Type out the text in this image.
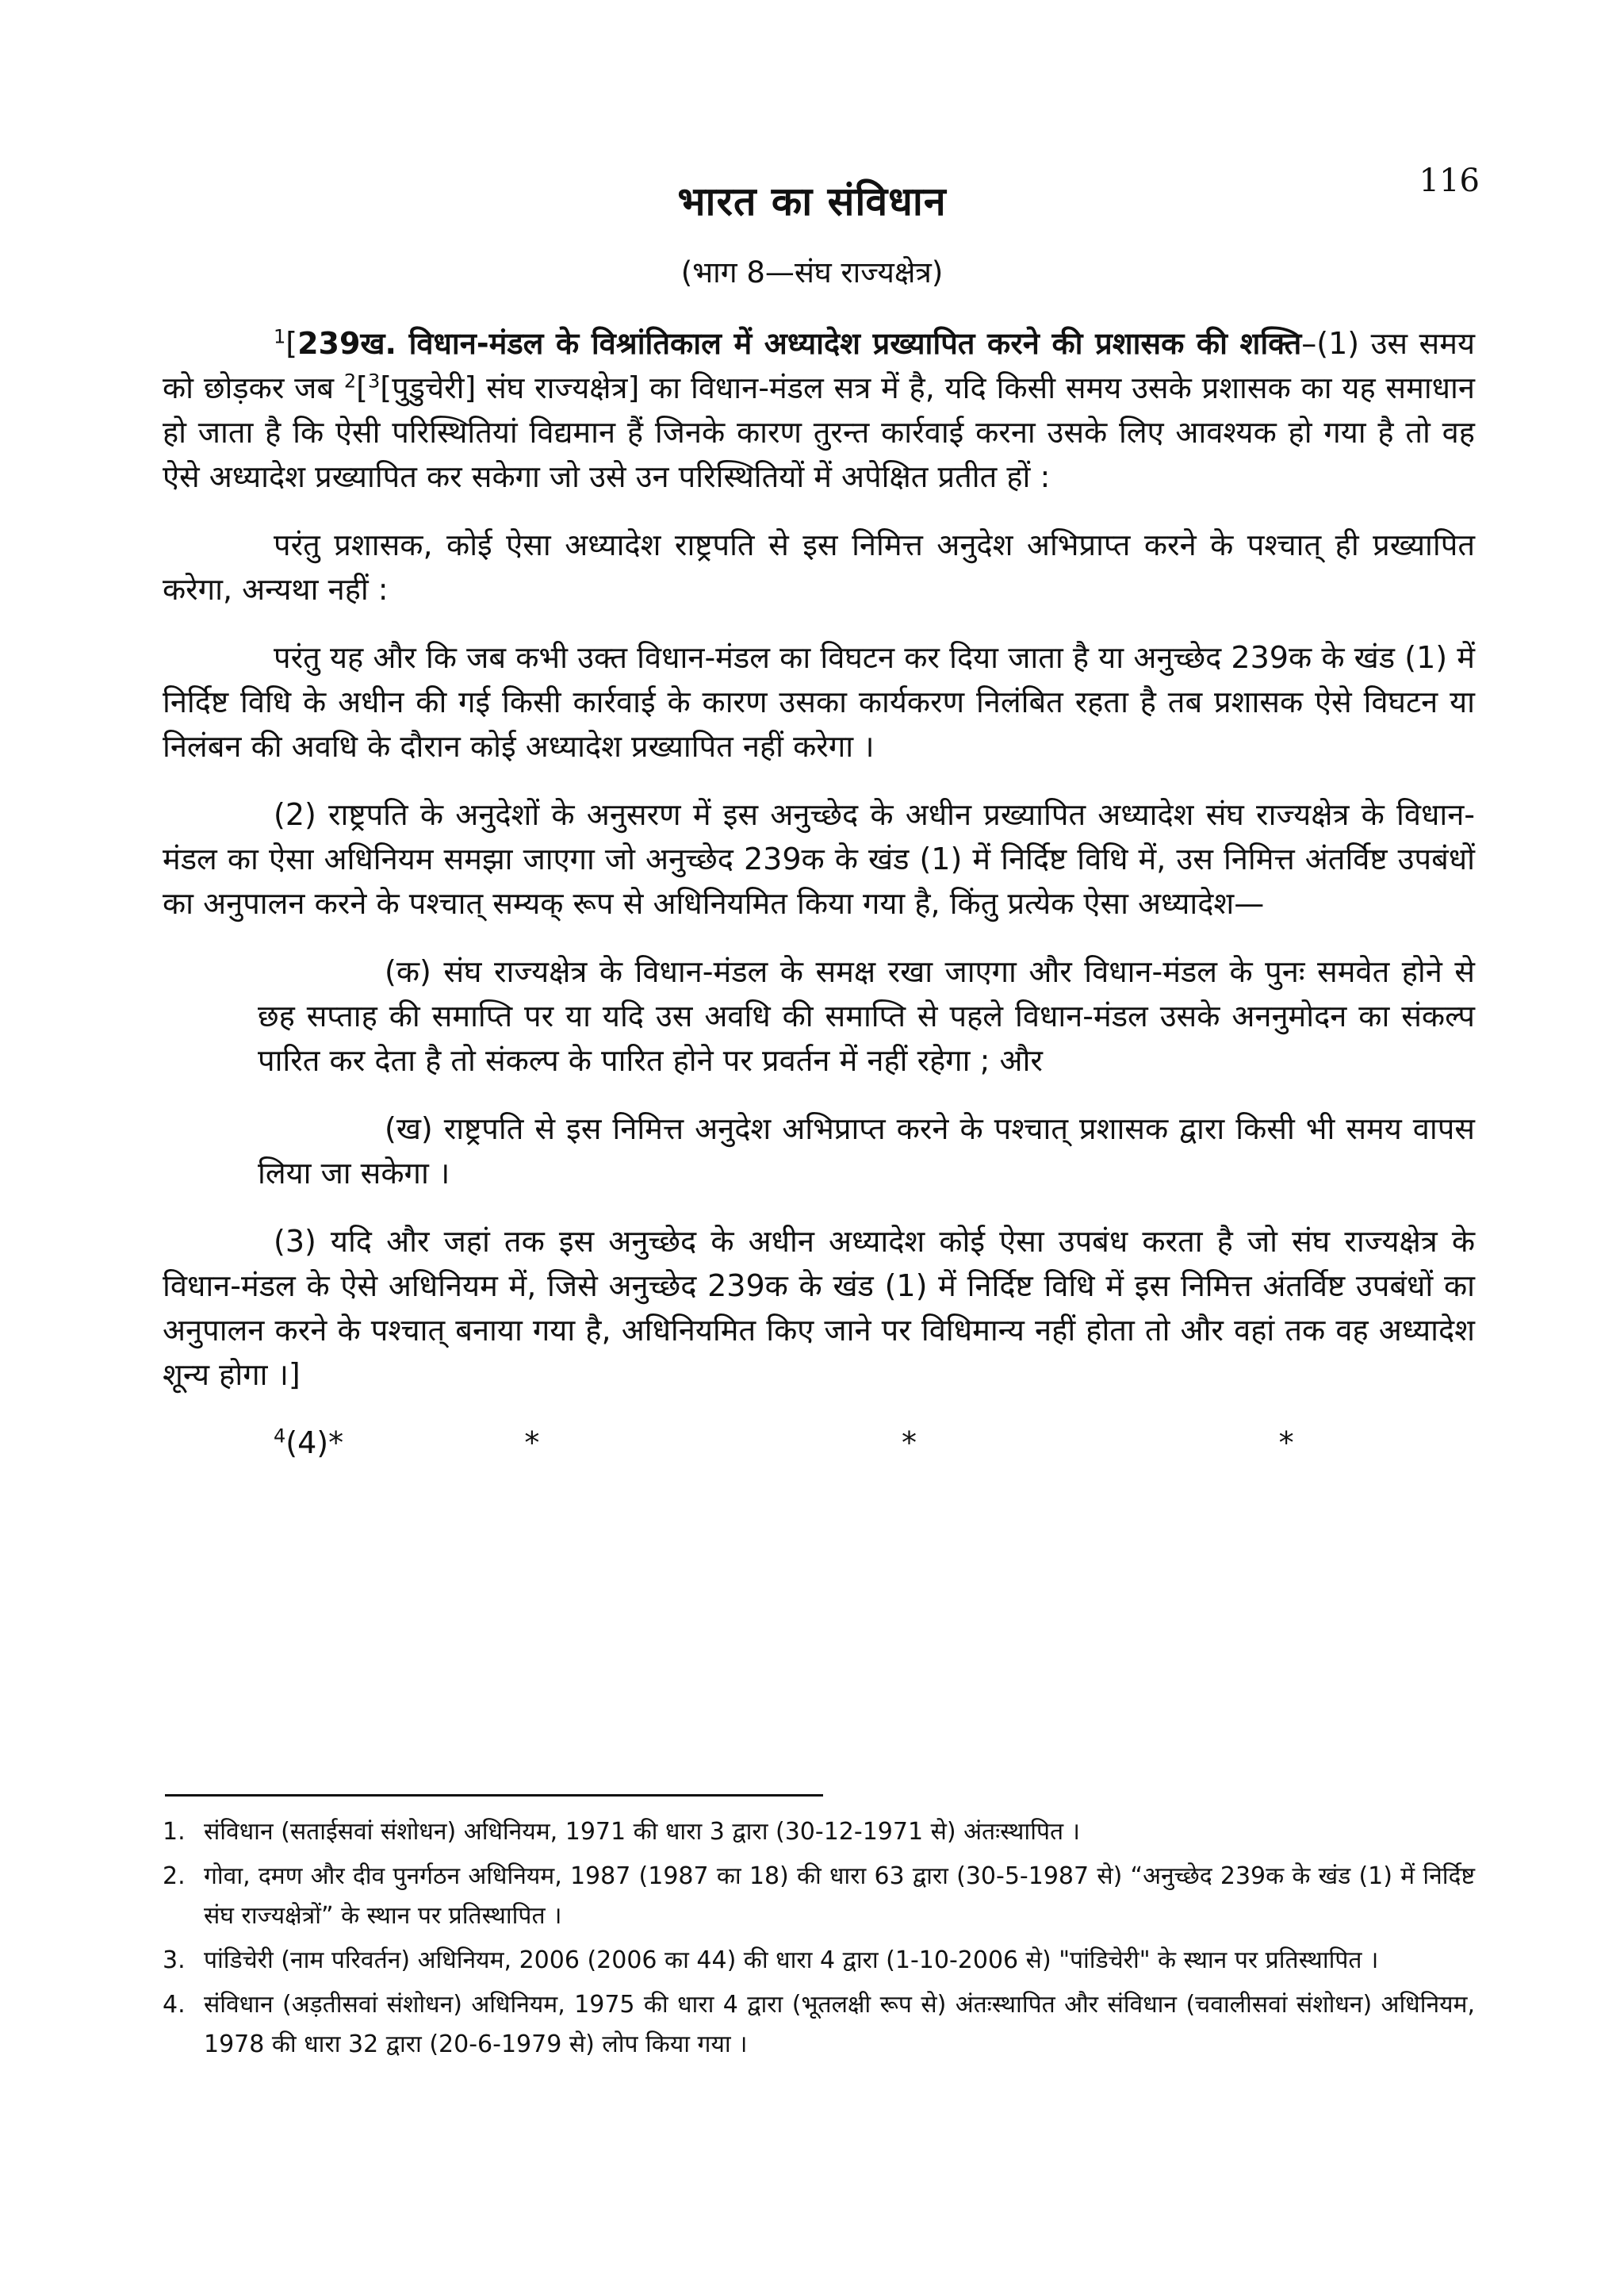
116
भारत का संविधान
(भाग 8—संघ राज्यक्षेत्र)

$^1$[239ख. विधान-मंडल के विश्रांतिकाल में अध्यादेश प्रख्यापित करने की प्रशासक की शक्ति–(1) उस समय को छोड़कर जब $^2$[$^3$[पुडुचेरी] संघ राज्यक्षेत्र] का विधान-मंडल सत्र में है, यदि किसी समय उसके प्रशासक का यह समाधान हो जाता है कि ऐसी परिस्थितियां विद्यमान हैं जिनके कारण तुरन्त कार्रवाई करना उसके लिए आवश्यक हो गया है तो वह ऐसे अध्यादेश प्रख्यापित कर सकेगा जो उसे उन परिस्थितियों में अपेक्षित प्रतीत हों :

परंतु प्रशासक, कोई ऐसा अध्यादेश राष्ट्रपति से इस निमित्त अनुदेश अभिप्राप्त करने के पश्चात् ही प्रख्यापित करेगा, अन्यथा नहीं :

परंतु यह और कि जब कभी उक्त विधान-मंडल का विघटन कर दिया जाता है या अनुच्छेद 239क के खंड (1) में निर्दिष्ट विधि के अधीन की गई किसी कार्रवाई के कारण उसका कार्यकरण निलंबित रहता है तब प्रशासक ऐसे विघटन या निलंबन की अवधि के दौरान कोई अध्यादेश प्रख्यापित नहीं करेगा ।

(2) राष्ट्रपति के अनुदेशों के अनुसरण में इस अनुच्छेद के अधीन प्रख्यापित अध्यादेश संघ राज्यक्षेत्र के विधान-मंडल का ऐसा अधिनियम समझा जाएगा जो अनुच्छेद 239क के खंड (1) में निर्दिष्ट विधि में, उस निमित्त अंतर्विष्ट उपबंधों का अनुपालन करने के पश्चात् सम्यक् रूप से अधिनियमित किया गया है, किंतु प्रत्येक ऐसा अध्यादेश—

(क) संघ राज्यक्षेत्र के विधान-मंडल के समक्ष रखा जाएगा और विधान-मंडल के पुनः समवेत होने से छह सप्ताह की समाप्ति पर या यदि उस अवधि की समाप्ति से पहले विधान-मंडल उसके अननुमोदन का संकल्प पारित कर देता है तो संकल्प के पारित होने पर प्रवर्तन में नहीं रहेगा ; और

(ख) राष्ट्रपति से इस निमित्त अनुदेश अभिप्राप्त करने के पश्चात् प्रशासक द्वारा किसी भी समय वापस लिया जा सकेगा ।

(3) यदि और जहां तक इस अनुच्छेद के अधीन अध्यादेश कोई ऐसा उपबंध करता है जो संघ राज्यक्षेत्र के विधान-मंडल के ऐसे अधिनियम में, जिसे अनुच्छेद 239क के खंड (1) में निर्दिष्ट विधि में इस निमित्त अंतर्विष्ट उपबंधों का अनुपालन करने के पश्चात् बनाया गया है, अधिनियमित किए जाने पर विधिमान्य नहीं होता तो और वहां तक वह अध्यादेश शून्य होगा ।]

$^4$(4)*	*	*	*
1. संविधान (सताईसवां संशोधन) अधिनियम, 1971 की धारा 3 द्वारा (30-12-1971 से) अंतःस्थापित ।
2. गोवा, दमण और दीव पुनर्गठन अधिनियम, 1987 (1987 का 18) की धारा 63 द्वारा (30-5-1987 से) “अनुच्छेद 239क के खंड (1) में निर्दिष्ट संघ राज्यक्षेत्रों” के स्थान पर प्रतिस्थापित ।
3. पांडिचेरी (नाम परिवर्तन) अधिनियम, 2006 (2006 का 44) की धारा 4 द्वारा (1-10-2006 से) "पांडिचेरी" के स्थान पर प्रतिस्थापित ।
4. संविधान (अड़तीसवां संशोधन) अधिनियम, 1975 की धारा 4 द्वारा (भूतलक्षी रूप से) अंतःस्थापित और संविधान (चवालीसवां संशोधन) अधिनियम, 1978 की धारा 32 द्वारा (20-6-1979 से) लोप किया गया ।
